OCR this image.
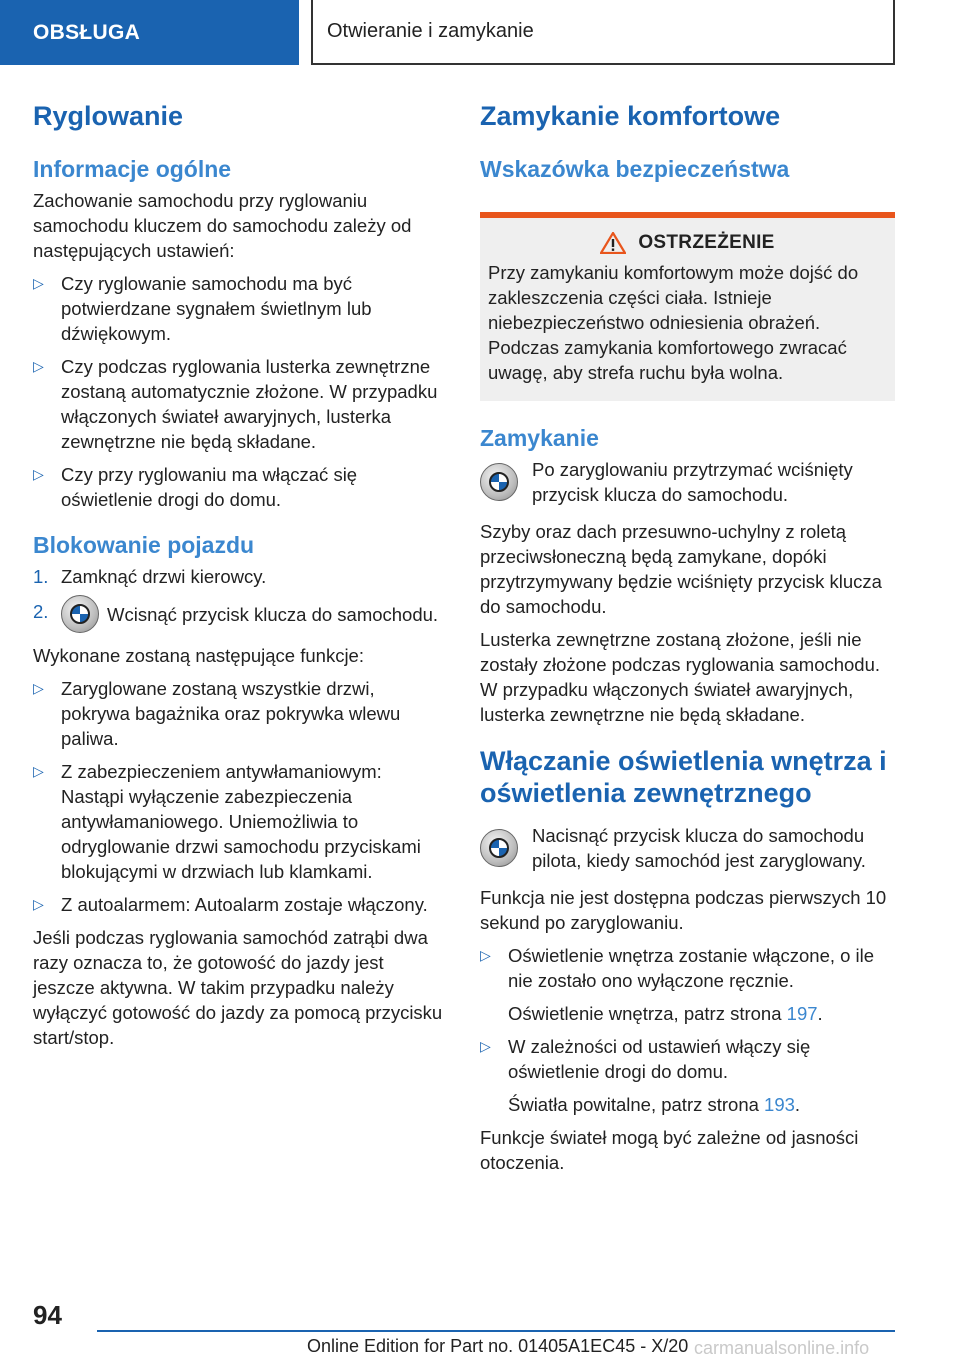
OBSŁUGA	Otwieranie i zamykanie
Ryglowanie
Informacje ogólne

Zachowanie samochodu przy ryglowaniu samochodu kluczem do samochodu zależy od następujących ustawień:

▷ Czy ryglowanie samochodu ma być potwierdzane sygnałem świetlnym lub dźwiękowym.
▷ Czy podczas ryglowania lusterka zewnętrzne zostaną automatycznie złożone. W przypadku włączonych świateł awaryjnych, lusterka zewnętrzne nie będą składane.
▷ Czy przy ryglowaniu ma włączać się oświetlenie drogi do domu.
Blokowanie pojazdu
1. Zamknąć drzwi kierowcy.
2.	Wcisnąć przycisk klucza do samochodu.

Wykonane zostaną następujące funkcje:

▷ Zaryglowane zostaną wszystkie drzwi, pokrywa bagażnika oraz pokrywka wlewu paliwa.
▷ Z zabezpieczeniem antywłamaniowym: Nastąpi wyłączenie zabezpieczenia antywłamaniowego. Uniemożliwia to odryglowanie drzwi samochodu przyciskami blokującymi w drzwiach lub klamkami.
▷ Z autoalarmem: Autoalarm zostaje włączony.

Jeśli podczas ryglowania samochód zatrąbi dwa razy oznacza to, że gotowość do jazdy jest jeszcze aktywna. W takim przypadku należy wyłączyć gotowość do jazdy za pomocą przycisku start/stop.

Zamykanie komfortowe
Wskazówka bezpieczeństwa
OSTRZEŻENIE

Przy zamykaniu komfortowym może dojść do zakleszczenia części ciała. Istnieje niebezpieczeństwo odniesienia obrażeń. Podczas zamykania komfortowego zwracać uwagę, aby strefa ruchu była wolna.

Zamykanie

Po zaryglowaniu przytrzymać wciśnięty przycisk klucza do samochodu.

Szyby oraz dach przesuwno-uchylny z roletą przeciwsłoneczną będą zamykane, dopóki przytrzymywany będzie wciśnięty przycisk klucza do samochodu.

Lusterka zewnętrzne zostaną złożone, jeśli nie zostały złożone podczas ryglowania samochodu. W przypadku włączonych świateł awaryjnych, lusterka zewnętrzne nie będą składane.

Włączanie oświetlenia wnętrza i oświetlenia zewnętrznego

Nacisnąć przycisk klucza do samochodu pilota, kiedy samochód jest zaryglowany.

Funkcja nie jest dostępna podczas pierwszych 10 sekund po zaryglowaniu.

▷ Oświetlenie wnętrza zostanie włączone, o ile nie zostało ono wyłączone ręcznie.
Oświetlenie wnętrza, patrz strona 197.
▷ W zależności od ustawień włączy się oświetlenie drogi do domu.
Światła powitalne, patrz strona 193.

Funkcje świateł mogą być zależne od jasności otoczenia.

94
Online Edition for Part no. 01405A1EC45 - X/20 carmanualsonline.info
